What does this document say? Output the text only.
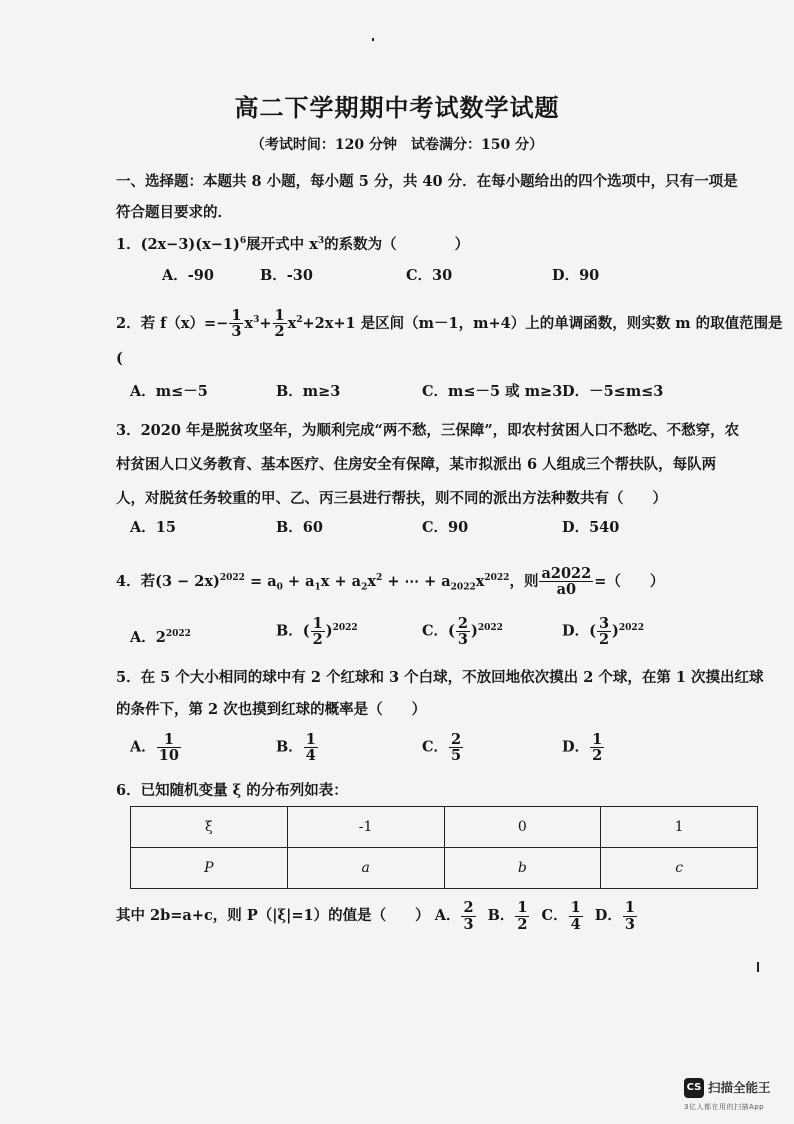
高二下学期期中考试数学试题
（考试时间：120 分钟　试卷满分：150 分）
一、选择题：本题共 8 小题，每小题 5 分，共 40 分．在每小题给出的四个选项中，只有一项是符合题目要求的．
1．$(2x-3)(x-1)^6$展开式中 $x^3$的系数为（　　　　）
A．-90	B．-30	C．30	D．90
2．若 $f(x)=- \frac{1}{3} x^3+ \frac{1}{2} x^2+2x+1$ 是区间（m－1，m+4）上的单调函数，则实数 m 的取值范围是
(
A．m≤－5	B．m≥3	C．m≤－5 或 m≥3 D．－5≤m≤3
3．2020 年是脱贫攻坚年，为顺利完成“两不愁，三保障”，即农村贫困人口不愁吃、不愁穿，农
村贫困人口义务教育、基本医疗、住房安全有保障，某市拟派出 6 人组成三个帮扶队，每队两
人，对脱贫任务较重的甲、乙、丙三县进行帮扶，则不同的派出方法种数共有（　　）
A．15	B．60	C．90	D．540
4．若$(3 - 2x)^{2022} = a_0 + a_1x + a_2x^2$ + ⋯ + $a_{2022}x^{2022}$，则 $\frac{a2022}{a0}$ =（　　）
A．$2^{2022}$	B．( $\frac{1}{2} )^{2022}$	C．( $\frac{2}{3} )^{2022}$	D．( $\frac{3}{2} )^{2022}$
5．在 5 个大小相同的球中有 2 个红球和 3 个白球，不放回地依次摸出 2 个球，在第 1 次摸出红球
的条件下，第 2 次也摸到红球的概率是（　　）
A． $\frac{1}{10}$	B． $\frac{1}{4}$	C． $\frac{2}{5}$	D． $\frac{1}{2}$
6．已知随机变量 ξ 的分布列如表：
ξ	-1	0	1
P	a	b	c
其中 2b=a+c，则 P（|ξ|=1）的值是（　　） A． $\frac{2}{3}$ B． $\frac{1}{2}$ C． $\frac{1}{4}$ D． $\frac{1}{3}$
CS 扫描全能王
3亿人都在用的扫描App
